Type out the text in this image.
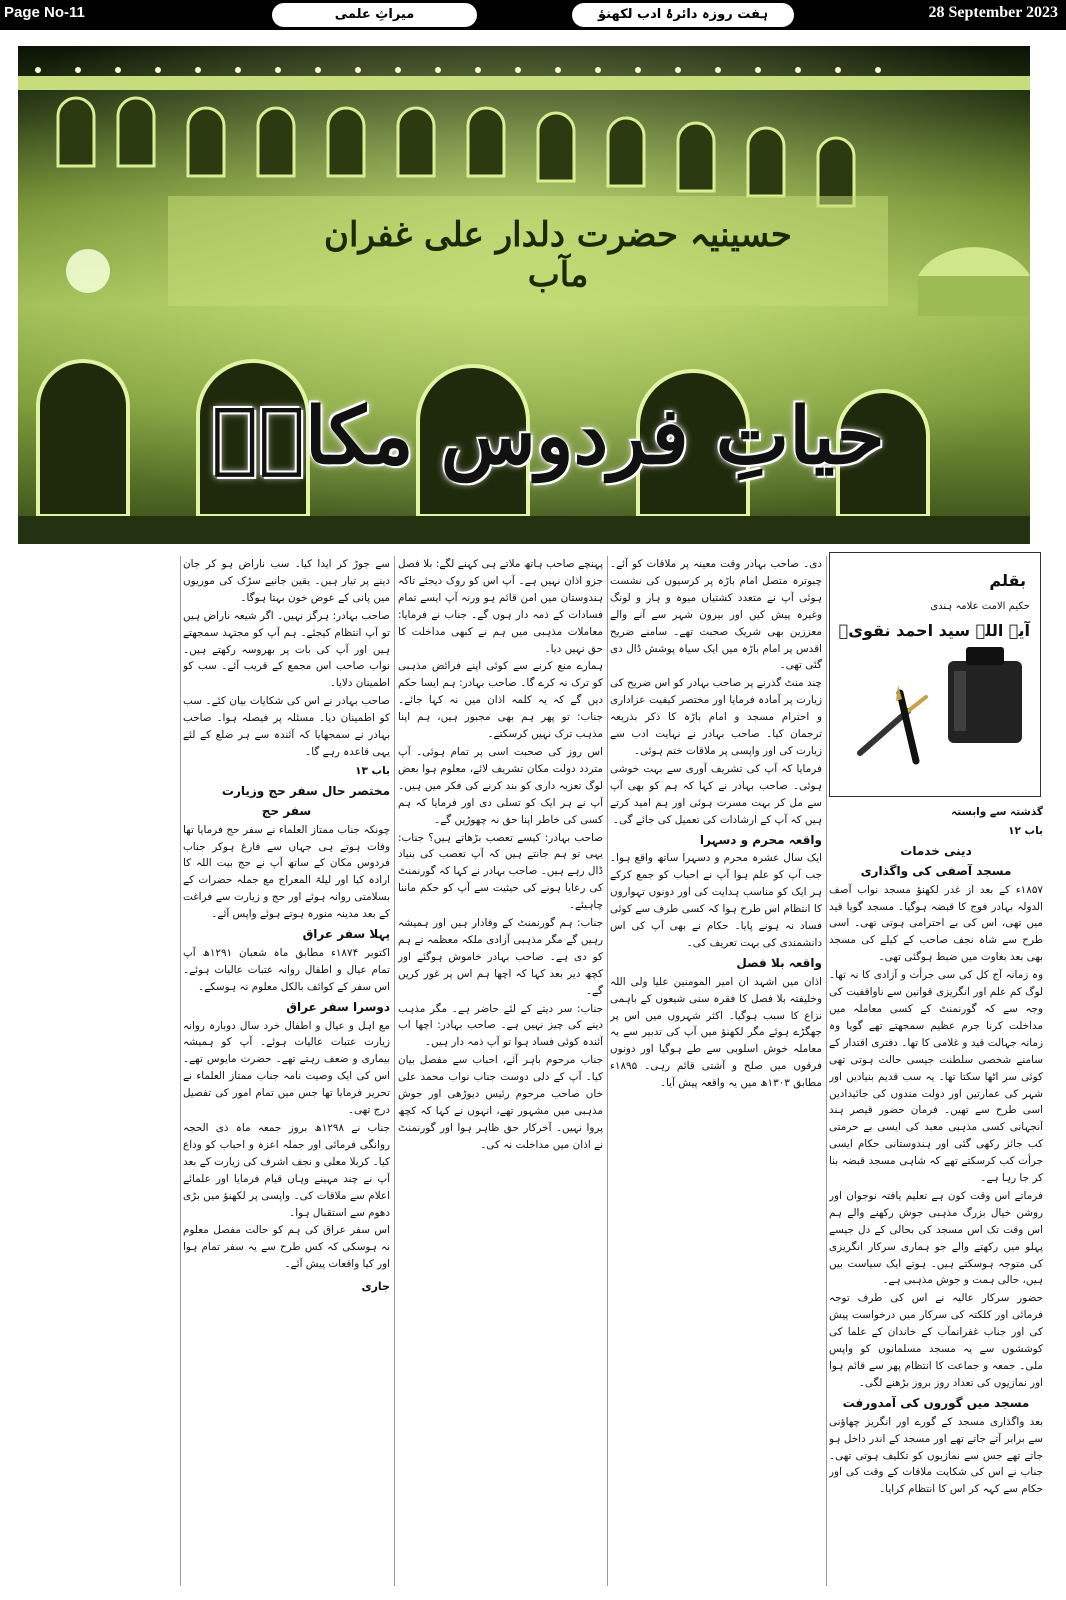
Page No-11	میراثِ علمی	ہفت روزہ دائرۂ ادب لکھنؤ	28 September 2023
حسینیہ حضرت دلدار علی غفران مآب
حیاتِ فردوس مکانؒ
بقلم
حکیم الامت علامہ ہندی
آیۃ اللہ سید احمد نقویؒ
گذشتہ سے وابستہ
باب ۱۲
دینی خدمات
مسجد آصفی کی واگذاری

۱۸۵۷ء کے بعد از غدر لکھنؤ مسجد نواب آصف الدولہ بہادر فوج کا قبضہ ہوگیا۔ مسجد گویا قید میں تھی، اس کی بے احترامی ہوتی تھی۔ اسی طرح سے شاہ نجف صاحب کے کیلے کی مسجد بھی بعد بغاوت میں ضبط ہوگئی تھی۔

وہ زمانہ آج کل کی سی جرأت و آزادی کا نہ تھا۔ لوگ کم علم اور انگریزی قوانین سے ناواقفیت کی وجہ سے کہ گورنمنٹ کے کسی معاملہ میں مداخلت کرنا جرم عظیم سمجھتے تھے گویا وہ زمانہ جہالت قید و غلامی کا تھا۔ دفتری اقتدار کے سامنے شخصی سلطنت جیسی حالت ہوتی تھی کوئی سر اٹھا سکتا تھا۔ یہ سب قدیم بنیادیں اور شہر کی عمارتیں اور دولت مندوں کی جائیدادیں اسی طرح سے تھیں۔ فرمان حضور قیصر ہند آنجہانی کسی مذہبی معبد کی ایسی بے حرمتی کب جائز رکھی گئی اور ہندوستانی حکام ایسی جرأت کب کرسکتے تھے کہ شاہی مسجد قبضہ بنا کر جا رہا ہے۔

فرماتے اس وقت کون ہے تعلیم یافتہ نوجوان اور روشن خیال بزرگ مذہبی جوش رکھنے والے ہم اس وقت تک اس مسجد کی بحالی کے دل جیسے پہلو میں رکھتے والے جو ہماری سرکار انگریزی کی متوجہ ہوسکتے ہیں۔ ہوتے ایک سیاست بیں ہیں، حالی ہمت و جوش مذہبی ہے۔

حضور سرکار عالیہ نے اس کی طرف توجہ فرمائی اور کلکتہ کی سرکار میں درخواست پیش کی اور جناب غفرانمآب کے خاندان کے علما کی کوششوں سے یہ مسجد مسلمانوں کو واپس ملی۔ جمعہ و جماعت کا انتظام پھر سے قائم ہوا اور نمازیوں کی تعداد روز بروز بڑھنے لگی۔

مسجد میں گوروں کی آمدورفت

بعد واگذاری مسجد کے گورے اور انگریز چھاؤنی سے برابر آتے جاتے تھے اور مسجد کے اندر داخل ہو جاتے تھے جس سے نمازیوں کو تکلیف ہوتی تھی۔ جناب نے اس کی شکایت ملاقات کے وقت کی اور حکام سے کہہ کر اس کا انتظام کرایا۔

دی۔ صاحب بہادر وقت معینہ پر ملاقات کو آئے۔ چبوترہ متصل امام باڑہ پر کرسیوں کی نشست ہوئی آپ نے متعدد کشتیاں میوہ و ہار و لونگ وغیرہ پیش کیں اور بیرون شہر سے آنے والے معززین بھی شریک صحبت تھے۔ سامنے ضریح اقدس پر امام باڑہ میں ایک سیاہ پوشش ڈال دی گئی تھی۔

چند منٹ گذرنے پر صاحب بہادر کو اس ضریح کی زیارت پر آمادہ فرمایا اور مختصر کیفیت عزاداری و احترام مسجد و امام باڑہ کا ذکر بذریعہ ترجمان کیا۔ صاحب بہادر نے نہایت ادب سے زیارت کی اور واپسی پر ملاقات ختم ہوئی۔

فرمایا کہ آپ کی تشریف آوری سے بہت خوشی ہوئی۔ صاحب بہادر نے کہا کہ ہم کو بھی آپ سے مل کر بہت مسرت ہوئی اور ہم امید کرتے ہیں کہ آپ کے ارشادات کی تعمیل کی جائے گی۔

واقعہ محرم و دسہرا

ایک سال عشرہ محرم و دسہرا ساتھ واقع ہوا۔ جب آپ کو علم ہوا آپ نے احباب کو جمع کرکے ہر ایک کو مناسب ہدایت کی اور دونوں تہواروں کا انتظام اس طرح ہوا کہ کسی طرف سے کوئی فساد نہ ہونے پایا۔ حکام نے بھی آپ کی اس دانشمندی کی بہت تعریف کی۔

واقعہ بلا فصل

اذان میں اشہد ان امیر المومنین علیا ولی اللہ وخلیفتہ بلا فصل کا فقرہ سنی شیعوں کے باہمی نزاع کا سبب ہوگیا۔ اکثر شہروں میں اس پر جھگڑے ہوئے مگر لکھنؤ میں آپ کی تدبیر سے یہ معاملہ خوش اسلوبی سے طے ہوگیا اور دونوں فرقوں میں صلح و آشتی قائم رہی۔ ۱۸۹۵ء مطابق ۱۳۰۳ھ میں یہ واقعہ پیش آیا۔

پہنچے صاحب ہاتھ ملاتے ہی کہنے لگے: بلا فصل جزو اذان نہیں ہے۔ آپ اس کو روک دیجئے تاکہ ہندوستان میں امن قائم ہو ورنہ آپ ایسے تمام فسادات کے ذمہ دار ہوں گے۔ جناب نے فرمایا: معاملات مذہبی میں ہم نے کبھی مداخلت کا حق نہیں دیا۔

ہمارے منع کرنے سے کوئی اپنے فرائض مذہبی کو ترک نہ کرے گا۔ صاحب بہادر: ہم ایسا حکم دیں گے کہ یہ کلمہ اذان میں نہ کہا جائے۔ جناب: تو پھر ہم بھی مجبور ہیں، ہم اپنا مذہب ترک نہیں کرسکتے۔

اس روز کی صحبت اسی پر تمام ہوئی۔ آپ متردد دولت مکان تشریف لائے، معلوم ہوا بعض لوگ تعزیہ داری کو بند کرنے کی فکر میں ہیں۔ آپ نے ہر ایک کو تسلی دی اور فرمایا کہ ہم کسی کی خاطر اپنا حق نہ چھوڑیں گے۔

صاحب بہادر: کیسے تعصب بڑھاتے ہیں؟ جناب: یہی تو ہم جانتے ہیں کہ آپ تعصب کی بنیاد ڈال رہے ہیں۔ صاحب بہادر نے کہا کہ گورنمنٹ کی رعایا ہونے کی حیثیت سے آپ کو حکم ماننا چاہیئے۔

جناب: ہم گورنمنٹ کے وفادار ہیں اور ہمیشہ رہیں گے مگر مذہبی آزادی ملکہ معظمہ نے ہم کو دی ہے۔ صاحب بہادر خاموش ہوگئے اور کچھ دیر بعد کہا کہ اچھا ہم اس پر غور کریں گے۔

جناب: سر دیتے کے لئے حاضر ہے۔ مگر مذہب دینے کی چیز نہیں ہے۔ صاحب بہادر: اچھا اب آئندہ کوئی فساد ہوا تو آپ ذمہ دار ہیں۔

جناب مرحوم باہر آئے، احباب سے مفصل بیان کیا۔ آپ کے دلی دوست جناب نواب محمد علی خاں صاحب مرحوم رئیس دیوڑھی اور جوش مذہبی میں مشہور تھے، انہوں نے کہا کہ کچھ پروا نہیں۔ آخرکار حق ظاہر ہوا اور گورنمنٹ نے اذان میں مداخلت نہ کی۔

سے جوڑ کر ایدا کیا۔ سب ناراض ہو کر جان دینے پر تیار ہیں۔ یقین جانیے سڑک کی موریوں میں پانی کے عوض خون بہتا ہوگا۔

صاحب بہادر: ہرگز نہیں۔ اگر شیعہ ناراض ہیں تو آپ انتظام کیجئے۔ ہم آپ کو مجتہد سمجھتے ہیں اور آپ کی بات پر بھروسہ رکھتے ہیں۔ نواب صاحب اس مجمع کے قریب آئے۔ سب کو اطمینان دلایا۔

صاحب بہادر نے اس کی شکایات بیان کئے۔ سب کو اطمینان دیا۔ مسئلہ پر فیصلہ ہوا۔ صاحب بہادر نے سمجھایا کہ آئندہ سے ہر ضلع کے لئے یہی قاعدہ رہے گا۔

باب ۱۳
مختصر حال سفر حج وزیارت
سفر حج

چونکہ جناب ممتاز العلماء نے سفر حج فرمایا تھا وفات ہوتے ہی جہاں سے فارغ ہوکر جناب فردوس مکان کے ساتھ آپ نے حج بیت اللہ کا ارادہ کیا اور لیلۃ المعراج مع جملہ حضرات کے بسلامتی روانہ ہوئے اور حج و زیارت سے فراغت کے بعد مدینہ منورہ ہوتے ہوئے واپس آئے۔

پہلا سفر عراق

اکتوبر ۱۸۷۴ء مطابق ماہ شعبان ۱۲۹۱ھ آپ تمام عیال و اطفال روانہ عتبات عالیات ہوئے۔ اس سفر کے کوائف بالکل معلوم نہ ہوسکے۔

دوسرا سفر عراق

مع اہل و عیال و اطفال خرد سال دوبارہ روانہ زیارت عتبات عالیات ہوئے۔ آپ کو ہمیشہ بیماری و ضعف رہتے تھے۔ حضرت مایوس تھے۔ اس کی ایک وصیت نامہ جناب ممتاز العلماء نے تحریر فرمایا تھا جس میں تمام امور کی تفصیل درج تھی۔

جناب نے ۱۲۹۸ھ بروز جمعہ ماہ ذی الحجہ روانگی فرمائی اور جملہ اعزہ و احباب کو وداع کیا۔ کربلا معلی و نجف اشرف کی زیارت کے بعد آپ نے چند مہینے وہاں قیام فرمایا اور علمائے اعلام سے ملاقات کی۔ واپسی پر لکھنؤ میں بڑی دھوم سے استقبال ہوا۔

اس سفر عراق کی ہم کو حالت مفصل معلوم نہ ہوسکی کہ کس طرح سے یہ سفر تمام ہوا اور کیا واقعات پیش آئے۔

جاری
